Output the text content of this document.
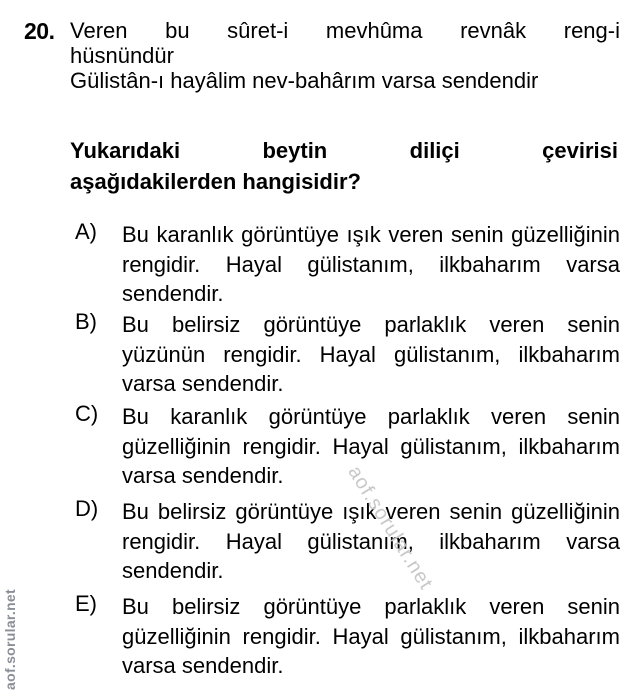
20. Veren bu sûret-i mevhûma revnâk reng-i
hüsnündür
Gülistân-ı hayâlim nev-bahârım varsa sendendir
Yukarıdaki beytin diliçi çevirisi
aşağıdakilerden hangisidir?
A) Bu karanlık görüntüye ışık veren senin güzelliğinin rengidir. Hayal gülistanım, ilkbaharım varsa sendendir.
B) Bu belirsiz görüntüye parlaklık veren senin yüzünün rengidir. Hayal gülistanım, ilkbaharım varsa sendendir.
C) Bu karanlık görüntüye parlaklık veren senin güzelliğinin rengidir. Hayal gülistanım, ilkbaharım varsa sendendir.
D) Bu belirsiz görüntüye ışık veren senin güzelliğinin rengidir. Hayal gülistanım, ilkbaharım varsa sendendir.
E) Bu belirsiz görüntüye parlaklık veren senin güzelliğinin rengidir. Hayal gülistanım, ilkbaharım varsa sendendir.
aof.sorular.net
aof.sorular.net
